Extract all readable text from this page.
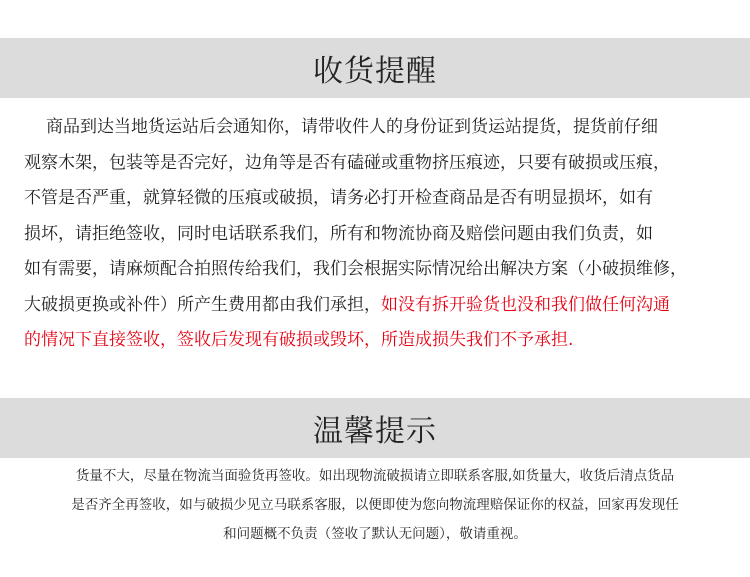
收货提醒
商品到达当地货运站后会通知你，请带收件人的身份证到货运站提货，提货前仔细
观察木架，包装等是否完好，边角等是否有磕碰或重物挤压痕迹，只要有破损或压痕，
不管是否严重，就算轻微的压痕或破损，请务必打开检查商品是否有明显损坏，如有
损坏，请拒绝签收，同时电话联系我们，所有和物流协商及赔偿问题由我们负责，如
如有需要，请麻烦配合拍照传给我们，我们会根据实际情况给出解决方案（小破损维修，
大破损更换或补件）所产生费用都由我们承担，如没有拆开验货也没和我们做任何沟通
的情况下直接签收，签收后发现有破损或毁坏，所造成损失我们不予承担.
温馨提示
货量不大，尽量在物流当面验货再签收。如出现物流破损请立即联系客服,如货量大，收货后清点货品
是否齐全再签收，如与破损少见立马联系客服，以便即使为您向物流理赔保证你的权益，回家再发现任
和问题概不负责（签收了默认无问题），敬请重视。
